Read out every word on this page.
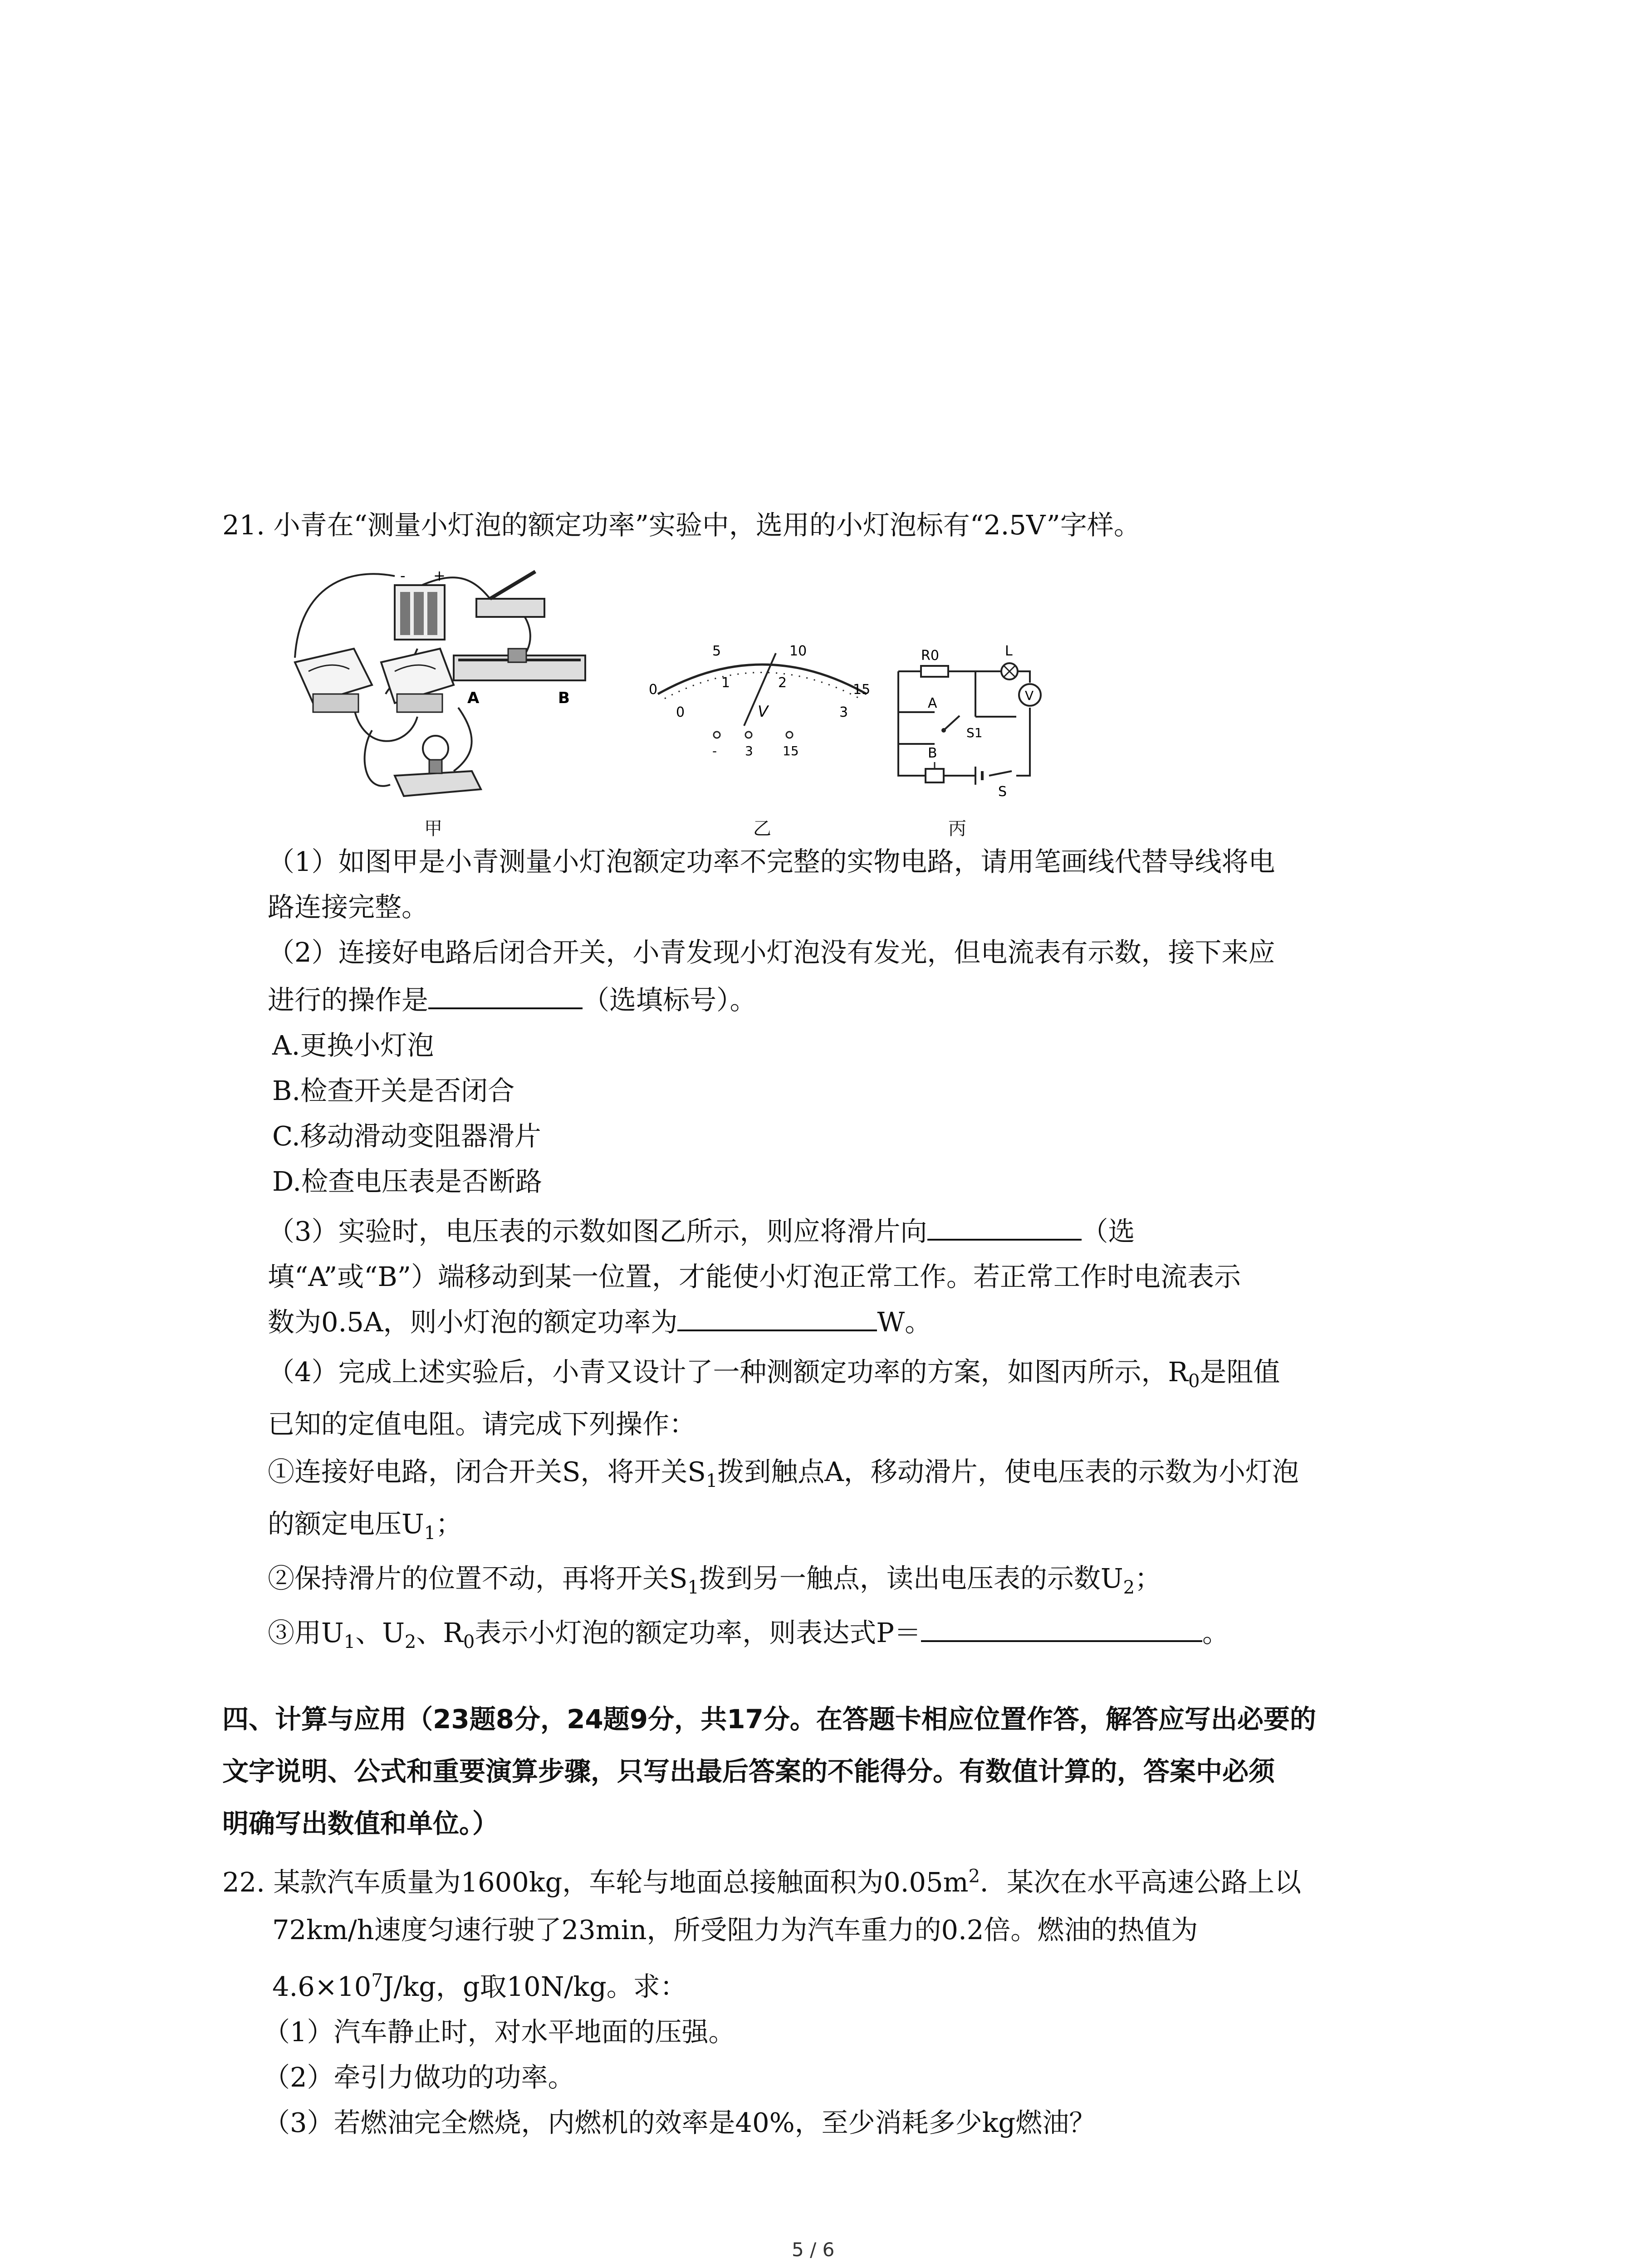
21. 小青在“测量小灯泡的额定功率”实验中，选用的小灯泡标有“2.5V”字样。
- +
A	B
甲
0
5	10
15
0
1	2
3
V
- 3 15
乙
R0	L
A
B
S1
V
S
丙
（1）如图甲是小青测量小灯泡额定功率不完整的实物电路，请用笔画线代替导线将电
路连接完整。
（2）连接好电路后闭合开关，小青发现小灯泡没有发光，但电流表有示数，接下来应
进行的操作是	（选填标号）。
A.更换小灯泡
B.检查开关是否闭合
C.移动滑动变阻器滑片
D.检查电压表是否断路
（3）实验时，电压表的示数如图乙所示，则应将滑片向	（选
填“A”或“B”）端移动到某一位置，才能使小灯泡正常工作。若正常工作时电流表示
数为0.5A，则小灯泡的额定功率为	W。
（4）完成上述实验后，小青又设计了一种测额定功率的方案，如图丙所示，$R_0$是阻值
已知的定值电阻。请完成下列操作：
①连接好电路，闭合开关S，将开关$S_1$拨到触点A，移动滑片，使电压表的示数为小灯泡
的额定电压$U_1$；
②保持滑片的位置不动，再将开关$S_1$拨到另一触点，读出电压表的示数$U_2$；
③用$U_1$、$U_2$、$R_0$表示小灯泡的额定功率，则表达式P＝	。
四、计算与应用（23题8分，24题9分，共17分。在答题卡相应位置作答，解答应写出必要的
文字说明、公式和重要演算步骤，只写出最后答案的不能得分。有数值计算的，答案中必须
明确写出数值和单位。）
22. 某款汽车质量为1600kg，车轮与地面总接触面积为$0.05m^2$．某次在水平高速公路上以
72km/h速度匀速行驶了23min，所受阻力为汽车重力的0.2倍。燃油的热值为
$4.6\times 10^7J/kg$，g取10N/kg。求：
（1）汽车静止时，对水平地面的压强。
（2）牵引力做功的功率。
（3）若燃油完全燃烧，内燃机的效率是40%，至少消耗多少kg燃油？
5 / 6
